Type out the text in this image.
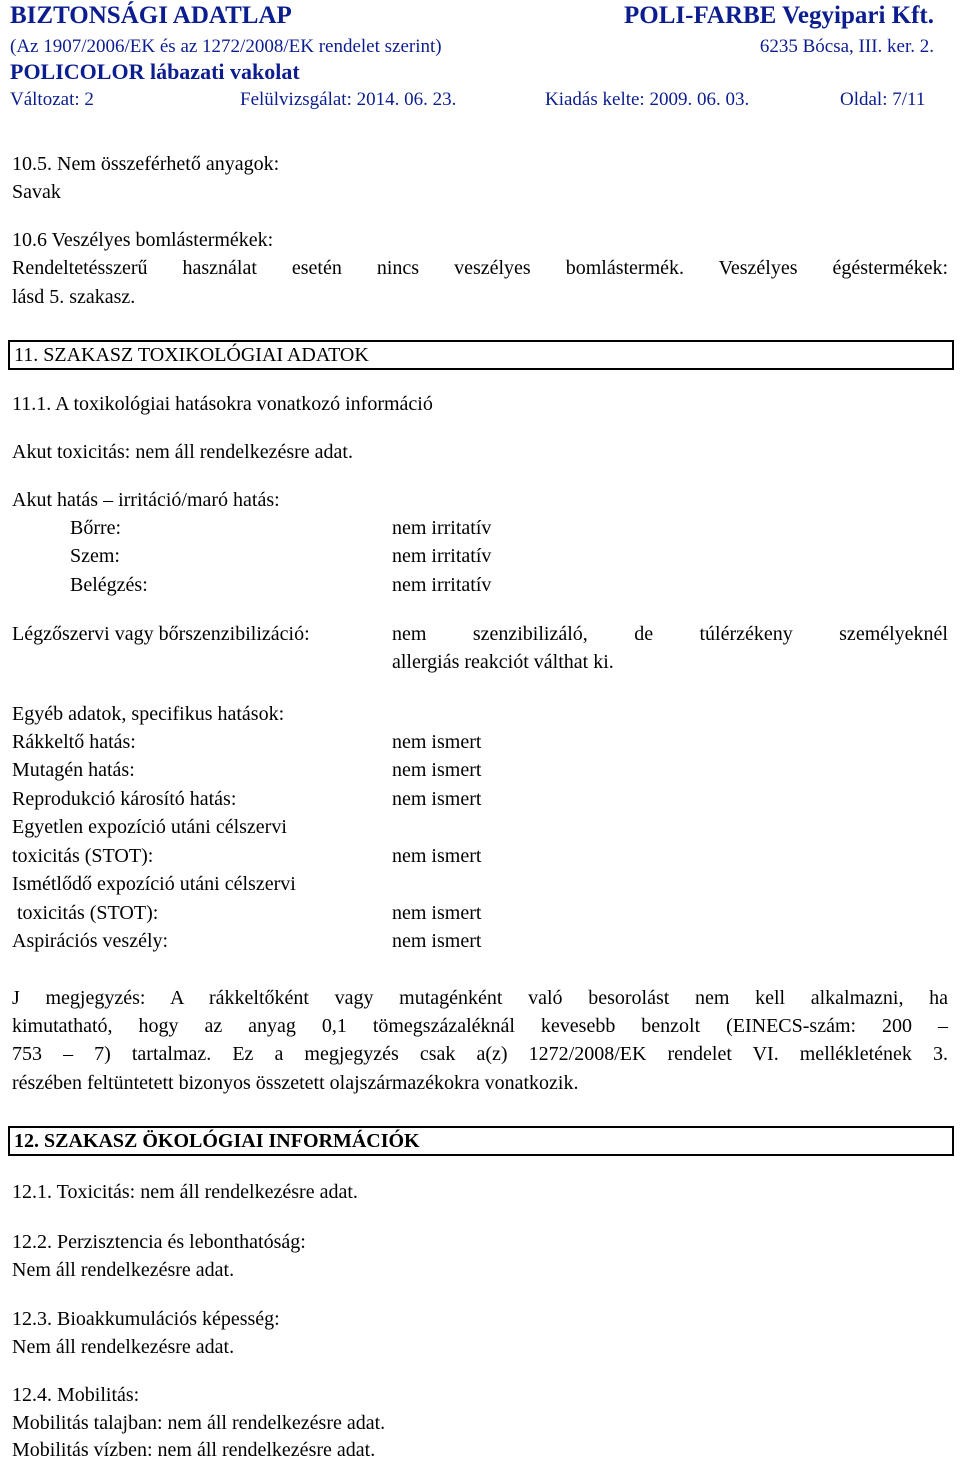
BIZTONSÁGI ADATLAP	POLI-FARBE Vegyipari Kft.
(Az 1907/2006/EK és az 1272/2008/EK rendelet szerint)	6235 Bócsa, III. ker. 2.
POLICOLOR lábazati vakolat
Változat: 2	Felülvizsgálat: 2014. 06. 23.	Kiadás kelte: 2009. 06. 03.	Oldal: 7/11
10.5. Nem összeférhető anyagok:
Savak
10.6 Veszélyes bomlástermékek:
Rendeltetésszerű használat esetén nincs veszélyes bomlástermék. Veszélyes égéstermékek:
lásd 5. szakasz.
11. SZAKASZ TOXIKOLÓGIAI ADATOK
11.1. A toxikológiai hatásokra vonatkozó információ
Akut toxicitás: nem áll rendelkezésre adat.
Akut hatás – irritáció/maró hatás:
Bőrre:	nem irritatív
Szem:	nem irritatív
Belégzés:	nem irritatív
Légzőszervi vagy bőrszenzibilizáció:	nem szenzibilizáló, de túlérzékeny személyeknél
allergiás reakciót válthat ki.
Egyéb adatok, specifikus hatások:
Rákkeltő hatás:	nem ismert
Mutagén hatás:	nem ismert
Reprodukció károsító hatás:	nem ismert
Egyetlen expozíció utáni célszervi
toxicitás (STOT):	nem ismert
Ismétlődő expozíció utáni célszervi
toxicitás (STOT):	nem ismert
Aspirációs veszély:	nem ismert
J megjegyzés: A rákkeltőként vagy mutagénként való besorolást nem kell alkalmazni, ha
kimutatható, hogy az anyag 0,1 tömegszázaléknál kevesebb benzolt (EINECS-szám: 200 –
753 – 7) tartalmaz. Ez a megjegyzés csak a(z) 1272/2008/EK rendelet VI. mellékletének 3.
részében feltüntetett bizonyos összetett olajszármazékokra vonatkozik.
12. SZAKASZ ÖKOLÓGIAI INFORMÁCIÓK
12.1. Toxicitás: nem áll rendelkezésre adat.
12.2. Perzisztencia és lebonthatóság:
Nem áll rendelkezésre adat.
12.3. Bioakkumulációs képesség:
Nem áll rendelkezésre adat.
12.4. Mobilitás:
Mobilitás talajban: nem áll rendelkezésre adat.
Mobilitás vízben: nem áll rendelkezésre adat.
